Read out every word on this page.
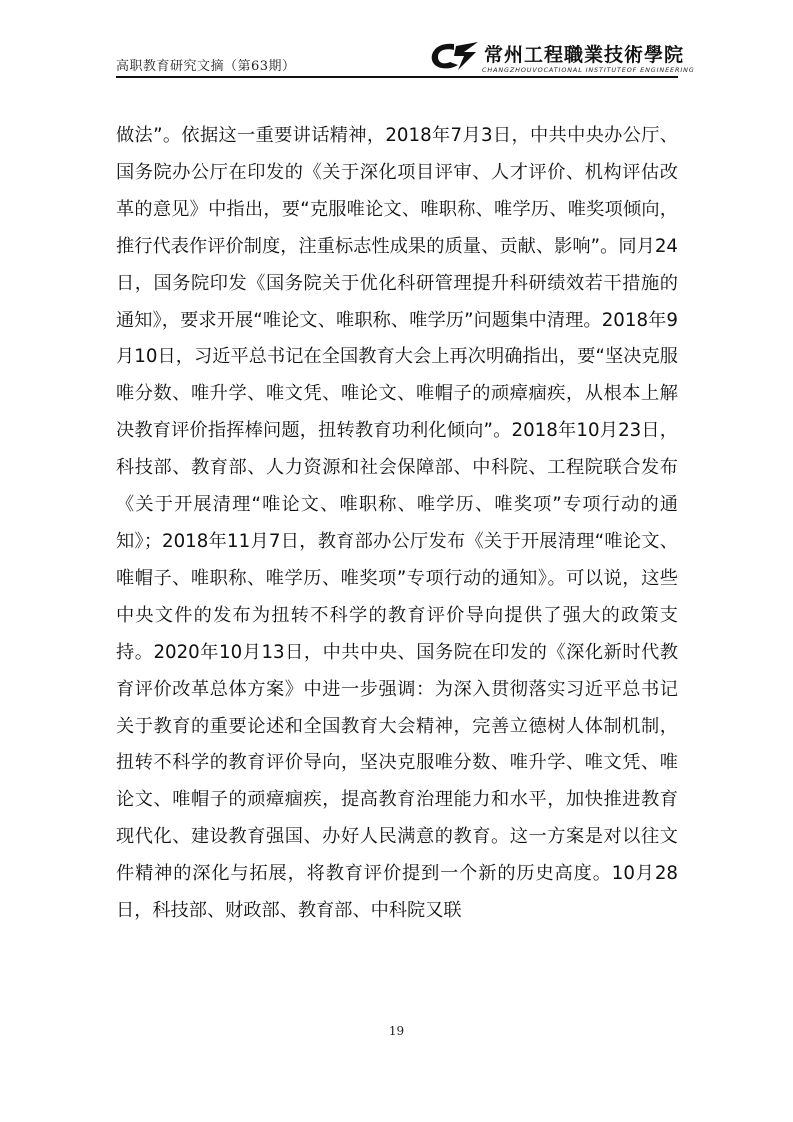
高职教育研究文摘（第63期）
常州工程職業技術學院
CHANGZHOUVOCATIONAL INSTITUTEOF ENGINEERING

做法”。依据这一重要讲话精神，2018年7月3日，中共中央办公厅、国务院办公厅在印发的《关于深化项目评审、人才评价、机构评估改革的意见》中指出，要“克服唯论文、唯职称、唯学历、唯奖项倾向，推行代表作评价制度，注重标志性成果的质量、贡献、影响”。同月24日，国务院印发《国务院关于优化科研管理提升科研绩效若干措施的通知》，要求开展“唯论文、唯职称、唯学历”问题集中清理。2018年9月10日，习近平总书记在全国教育大会上再次明确指出，要“坚决克服唯分数、唯升学、唯文凭、唯论文、唯帽子的顽瘴痼疾，从根本上解决教育评价指挥棒问题，扭转教育功利化倾向”。2018年10月23日，科技部、教育部、人力资源和社会保障部、中科院、工程院联合发布《关于开展清理“唯论文、唯职称、唯学历、唯奖项”专项行动的通知》；2018年11月7日，教育部办公厅发布《关于开展清理“唯论文、唯帽子、唯职称、唯学历、唯奖项”专项行动的通知》。可以说，这些中央文件的发布为扭转不科学的教育评价导向提供了强大的政策支持。2020年10月13日，中共中央、国务院在印发的《深化新时代教育评价改革总体方案》中进一步强调：为深入贯彻落实习近平总书记关于教育的重要论述和全国教育大会精神，完善立德树人体制机制，扭转不科学的教育评价导向，坚决克服唯分数、唯升学、唯文凭、唯论文、唯帽子的顽瘴痼疾，提高教育治理能力和水平，加快推进教育现代化、建设教育强国、办好人民满意的教育。这一方案是对以往文件精神的深化与拓展，将教育评价提到一个新的历史高度。10月28日，科技部、财政部、教育部、中科院又联

19
